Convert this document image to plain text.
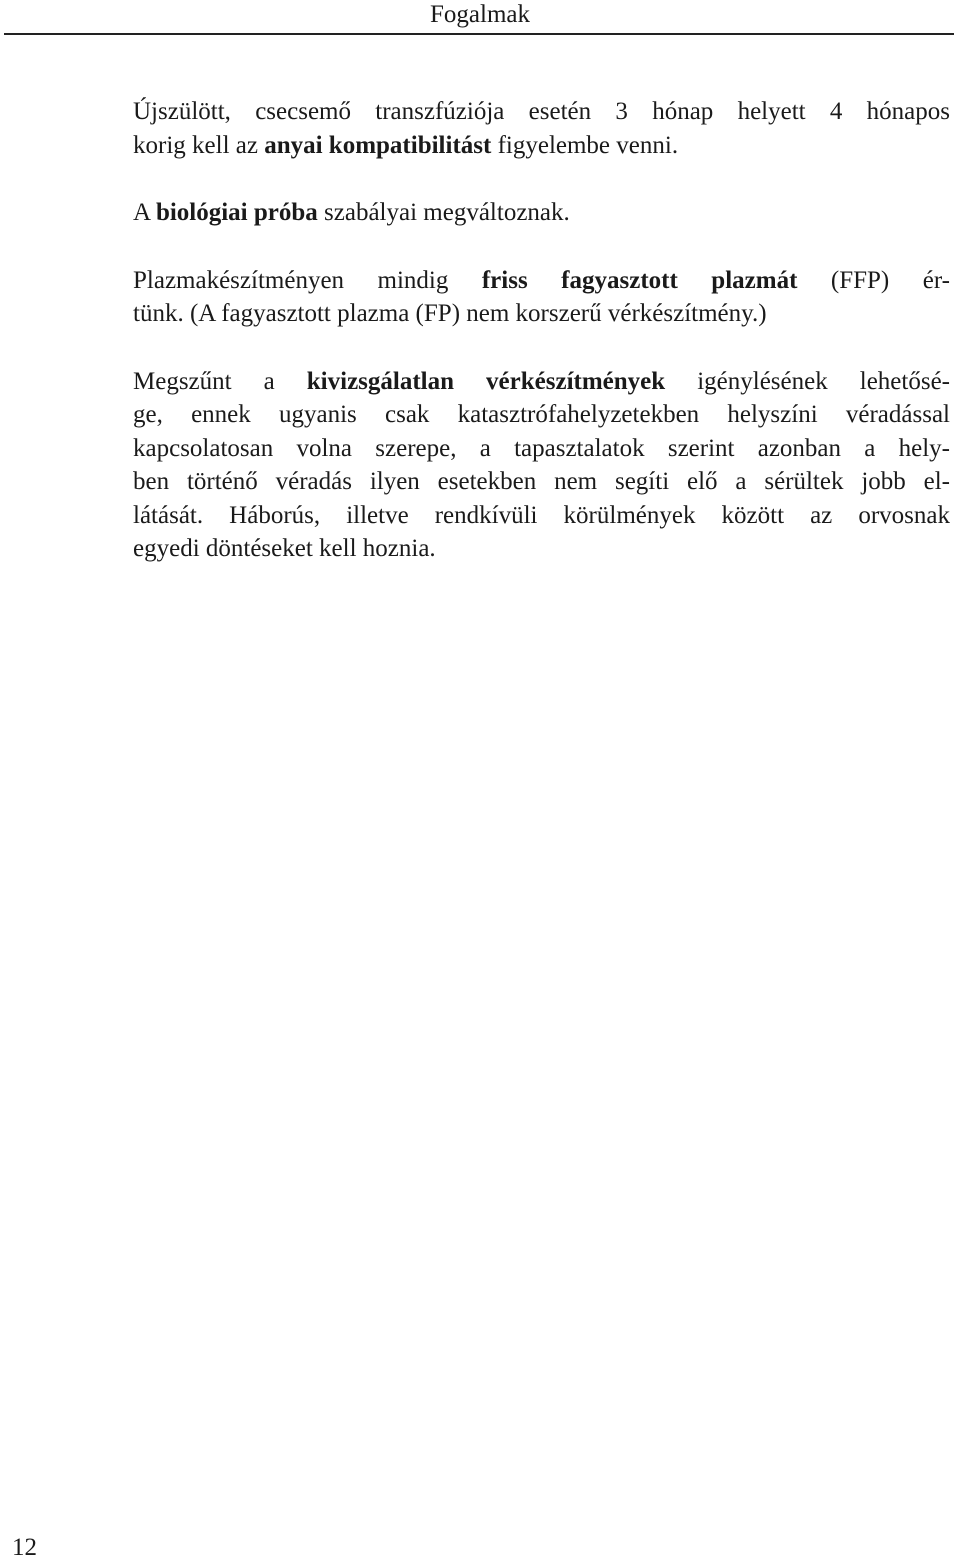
Fogalmak

Újszülött, csecsemő transzfúziója esetén 3 hónap helyett 4 hónapos
korig kell az anyai kompatibilitást figyelembe venni.

A biológiai próba szabályai megváltoznak.

Plazmakészítményen mindig friss fagyasztott plazmát (FFP) ér-
tünk. (A fagyasztott plazma (FP) nem korszerű vérkészítmény.)

Megszűnt a kivizsgálatlan vérkészítmények igénylésének lehetősé-
ge, ennek ugyanis csak katasztrófahelyzetekben helyszíni véradással
kapcsolatosan volna szerepe, a tapasztalatok szerint azonban a hely-
ben történő véradás ilyen esetekben nem segíti elő a sérültek jobb el-
látását. Háborús, illetve rendkívüli körülmények között az orvosnak
egyedi döntéseket kell hoznia.

12
